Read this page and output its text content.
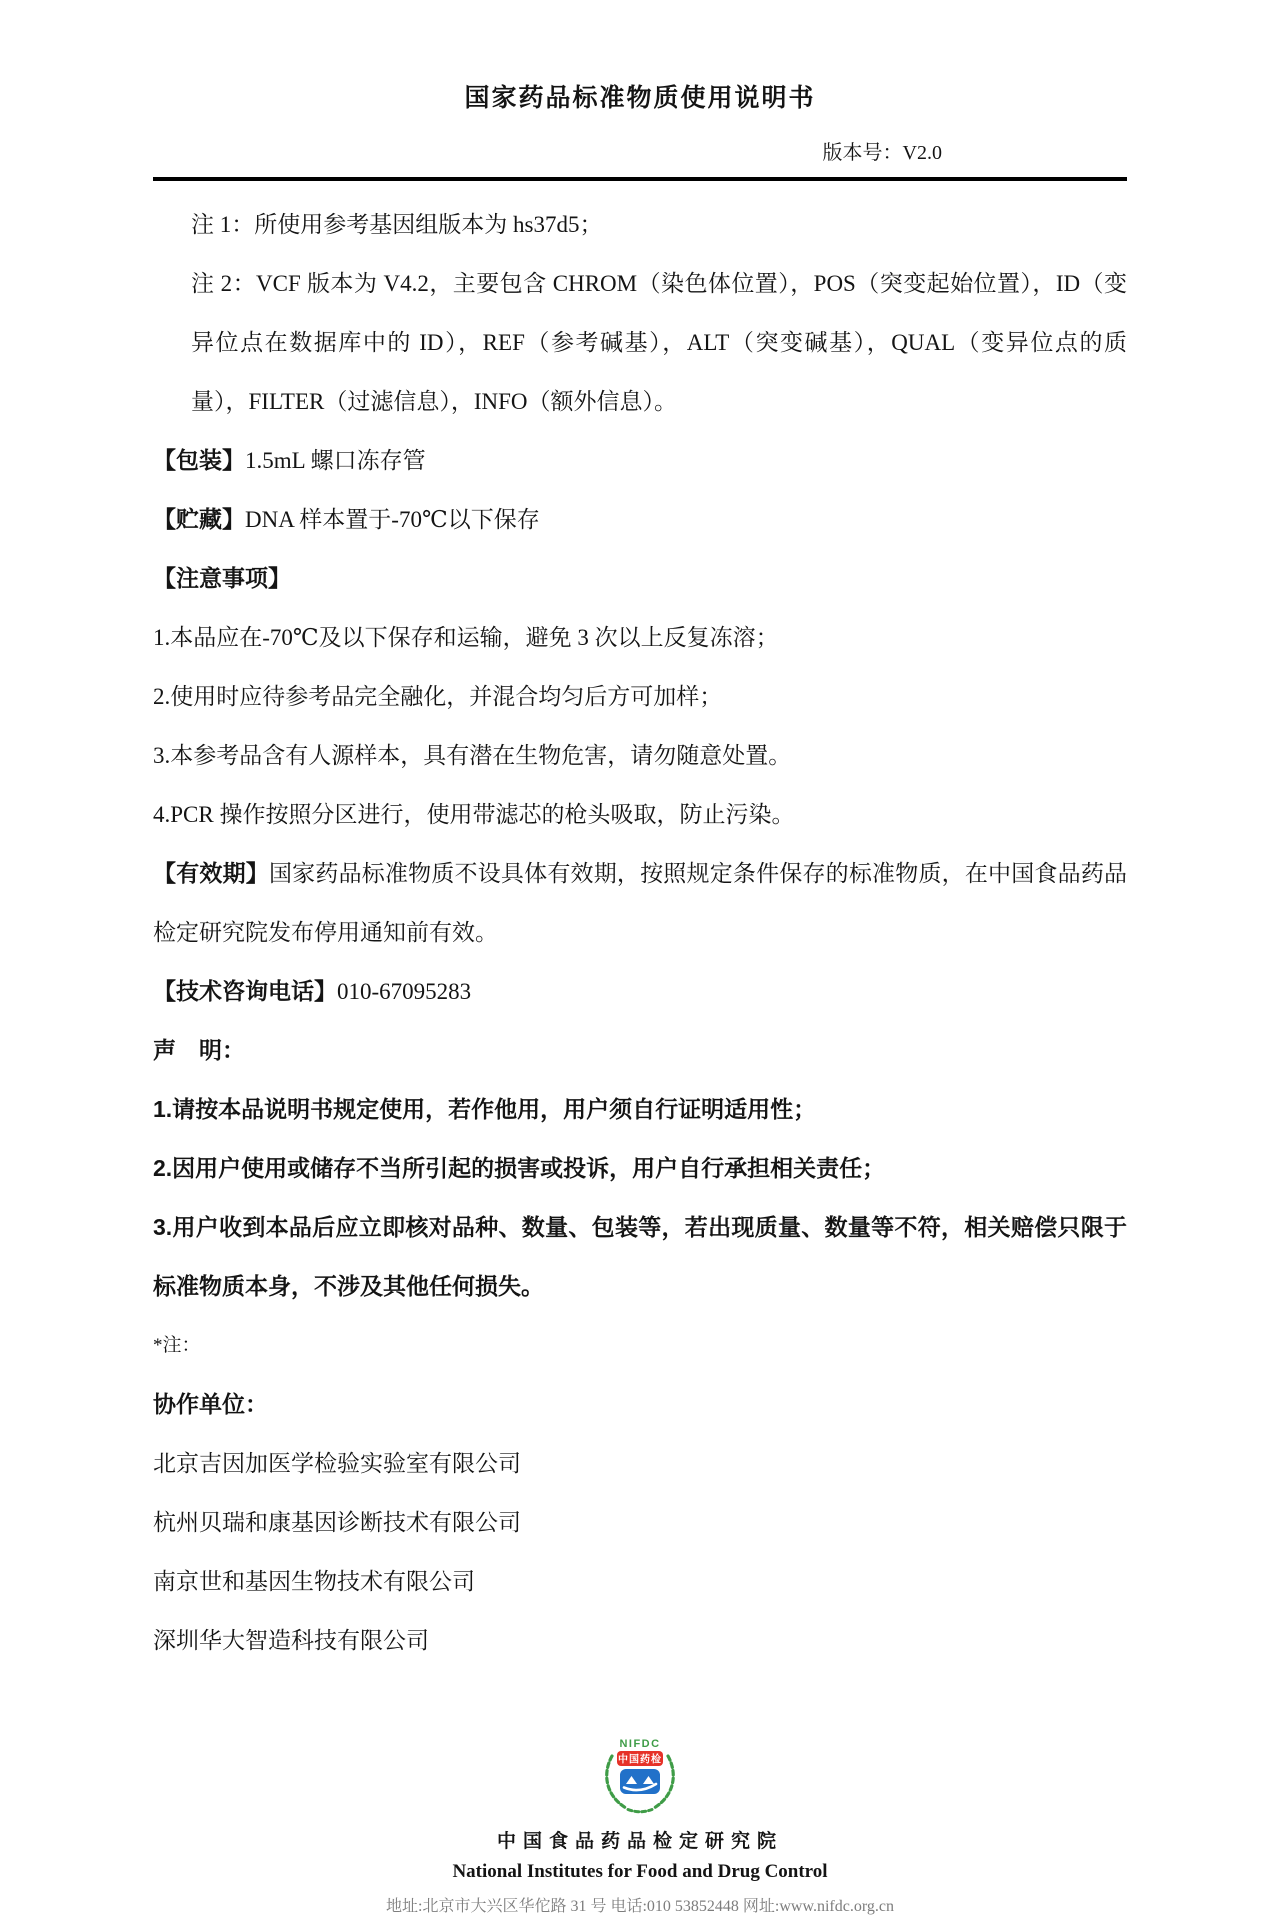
国家药品标准物质使用说明书
版本号：V2.0

注 1：所使用参考基因组版本为 hs37d5；

注 2：VCF 版本为 V4.2，主要包含 CHROM（染色体位置），POS（突变起始位置），ID（变异位点在数据库中的 ID），REF（参考碱基），ALT（突变碱基），QUAL（变异位点的质量），FILTER（过滤信息），INFO（额外信息）。

【包装】1.5mL 螺口冻存管

【贮藏】DNA 样本置于-70℃以下保存

【注意事项】

1.本品应在-70℃及以下保存和运输，避免 3 次以上反复冻溶；

2.使用时应待参考品完全融化，并混合均匀后方可加样；

3.本参考品含有人源样本，具有潜在生物危害，请勿随意处置。

4.PCR 操作按照分区进行，使用带滤芯的枪头吸取，防止污染。

【有效期】国家药品标准物质不设具体有效期，按照规定条件保存的标准物质，在中国食品药品检定研究院发布停用通知前有效。

【技术咨询电话】010-67095283

声　明：

1.请按本品说明书规定使用，若作他用，用户须自行证明适用性；

2.因用户使用或储存不当所引起的损害或投诉，用户自行承担相关责任；

3.用户收到本品后应立即核对品种、数量、包装等，若出现质量、数量等不符，相关赔偿只限于标准物质本身，不涉及其他任何损失。

*注：

协作单位：

北京吉因加医学检验实验室有限公司

杭州贝瑞和康基因诊断技术有限公司

南京世和基因生物技术有限公司

深圳华大智造科技有限公司

NIFDC
中国药检
中国食品药品检定研究院
National Institutes for Food and Drug Control
地址:北京市大兴区华佗路 31 号 电话:010 53852448 网址:www.nifdc.org.cn
